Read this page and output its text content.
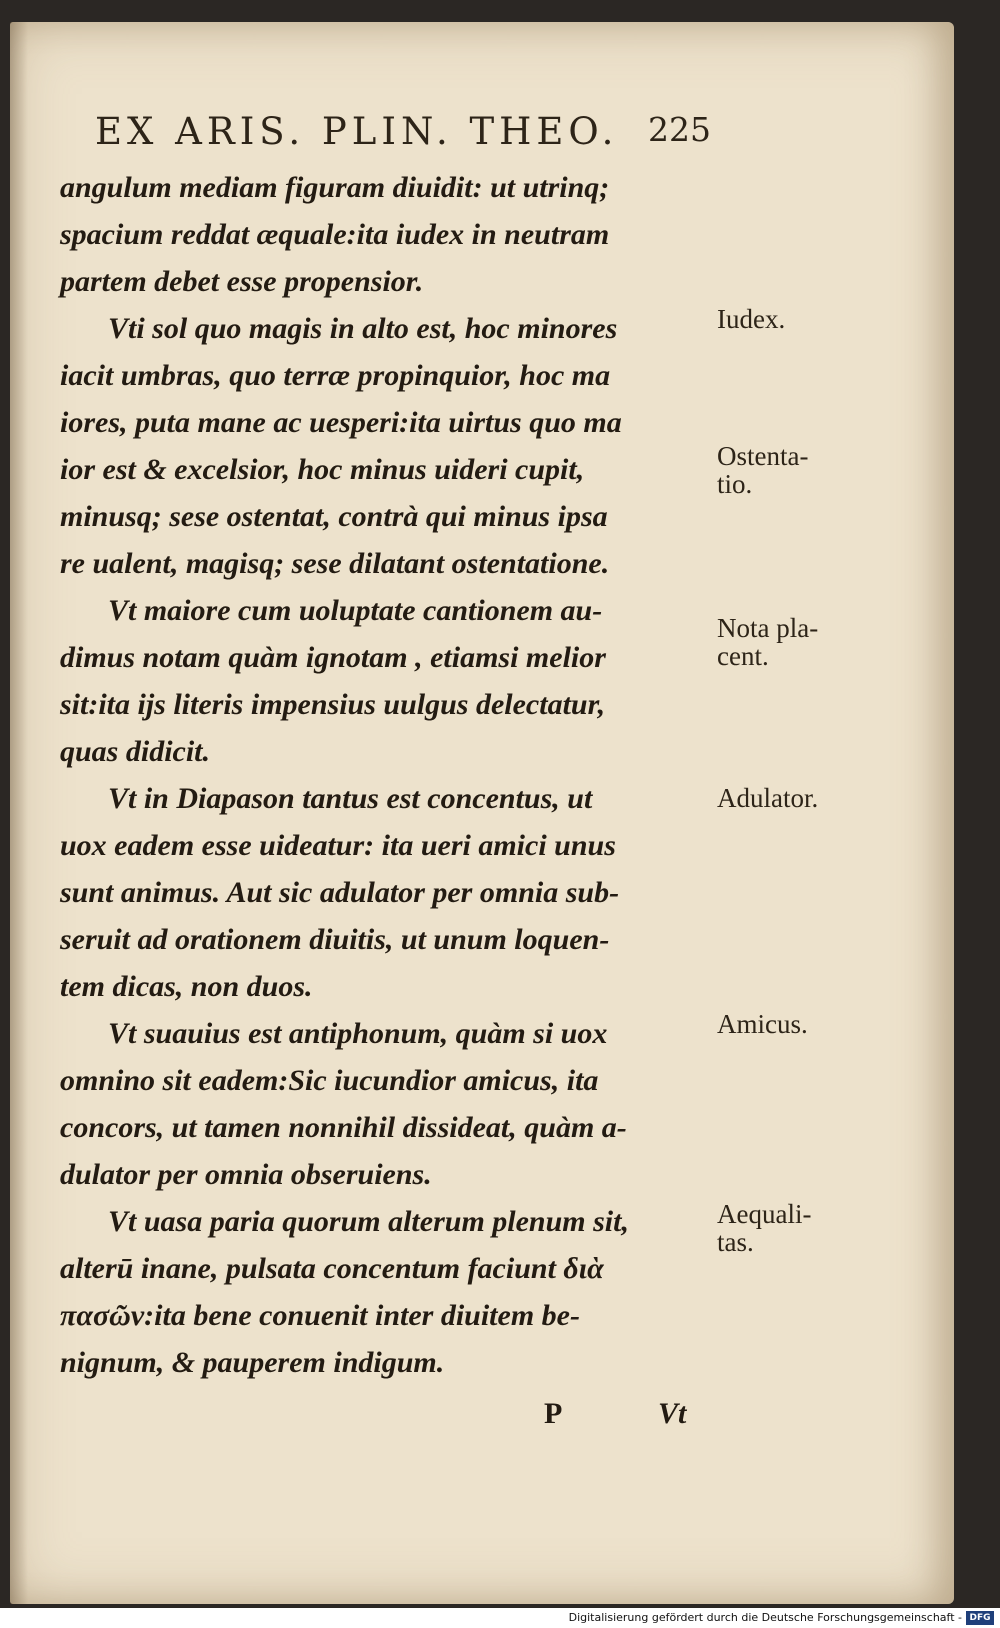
EX ARIS. PLIN. THEO. 225
angulum mediam figuram diuidit: ut utrinq;
spacium reddat æquale:ita iudex in neutram
partem debet esse propensior.
Vti sol quo magis in alto est, hoc minores
iacit umbras, quo terræ propinquior, hoc ma
iores, puta mane ac uesperi:ita uirtus quo ma
ior est & excelsior, hoc minus uideri cupit,
minusq; sese ostentat, contrà qui minus ipsa
re ualent, magisq; sese dilatant ostentatione.
Vt maiore cum uoluptate cantionem au-
dimus notam quàm ignotam , etiamsi melior
sit:ita ijs literis impensius uulgus delectatur,
quas didicit.
Vt in Diapason tantus est concentus, ut
uox eadem esse uideatur: ita ueri amici unus
sunt animus. Aut sic adulator per omnia sub-
seruit ad orationem diuitis, ut unum loquen-
tem dicas, non duos.
Vt suauius est antiphonum, quàm si uox
omnino sit eadem:Sic iucundior amicus, ita
concors, ut tamen nonnihil dissideat, quàm a-
dulator per omnia obseruiens.
Vt uasa paria quorum alterum plenum sit,
alterū inane, pulsata concentum faciunt διὰ
πασῶν:ita bene conuenit inter diuitem be-
nignum, & pauperem indigum.
Iudex.
Ostenta-
tio.
Nota pla-
cent.
Adulator.
Amicus.
Aequali-
tas.
P	Vt
Digitalisierung gefördert durch die Deutsche Forschungsgemeinschaft - DFG
